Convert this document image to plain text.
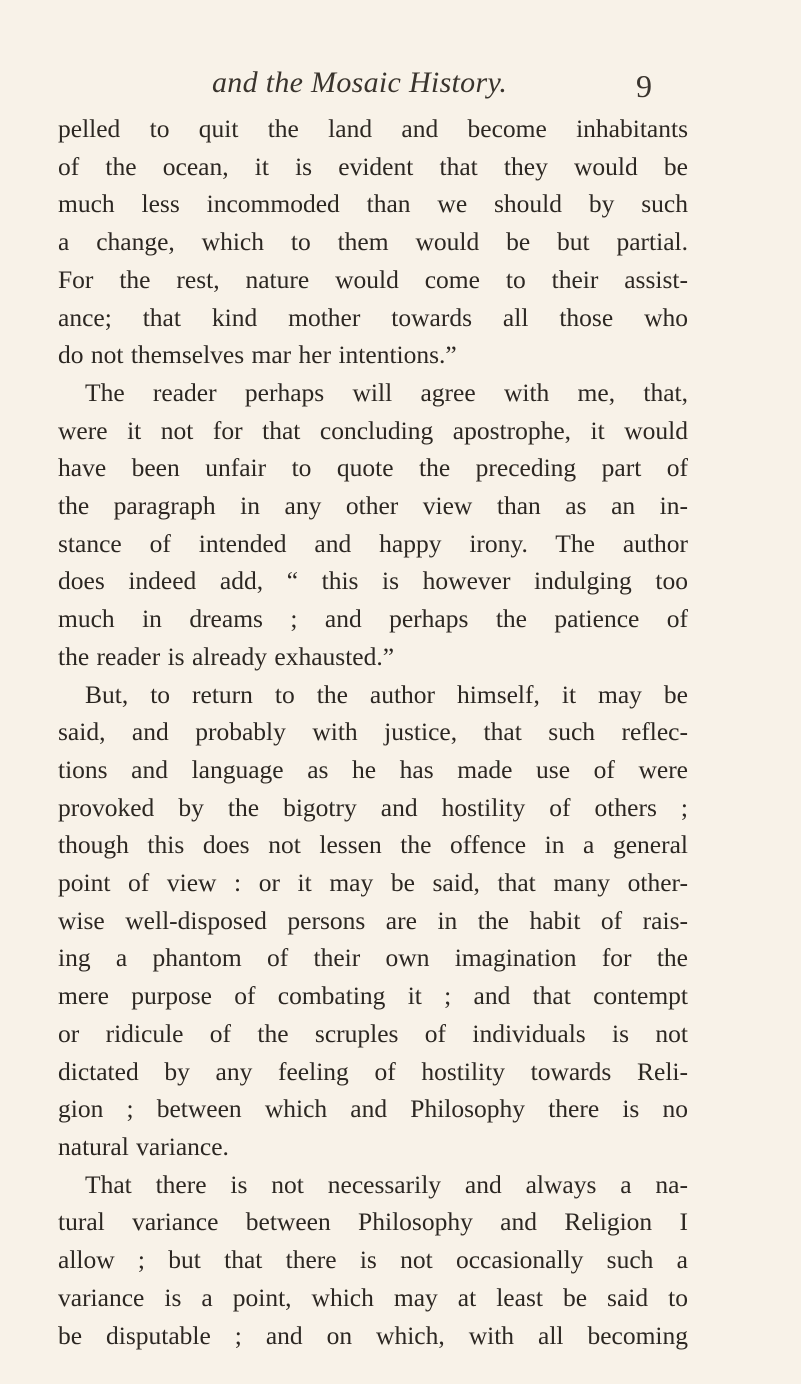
and the Mosaic History.	9
pelled to quit the land and become inhabitants
of the ocean, it is evident that they would be
much less incommoded than we should by such
a change, which to them would be but partial.
For the rest, nature would come to their assist-
ance; that kind mother towards all those who
do not themselves mar her intentions.”
The reader perhaps will agree with me, that,
were it not for that concluding apostrophe, it would
have been unfair to quote the preceding part of
the paragraph in any other view than as an in-
stance of intended and happy irony. The author
does indeed add, “ this is however indulging too
much in dreams ; and perhaps the patience of
the reader is already exhausted.”
But, to return to the author himself, it may be
said, and probably with justice, that such reflec-
tions and language as he has made use of were
provoked by the bigotry and hostility of others ;
though this does not lessen the offence in a general
point of view : or it may be said, that many other-
wise well-disposed persons are in the habit of rais-
ing a phantom of their own imagination for the
mere purpose of combating it ; and that contempt
or ridicule of the scruples of individuals is not
dictated by any feeling of hostility towards Reli-
gion ; between which and Philosophy there is no
natural variance.
That there is not necessarily and always a na-
tural variance between Philosophy and Religion I
allow ; but that there is not occasionally such a
variance is a point, which may at least be said to
be disputable ; and on which, with all becoming
